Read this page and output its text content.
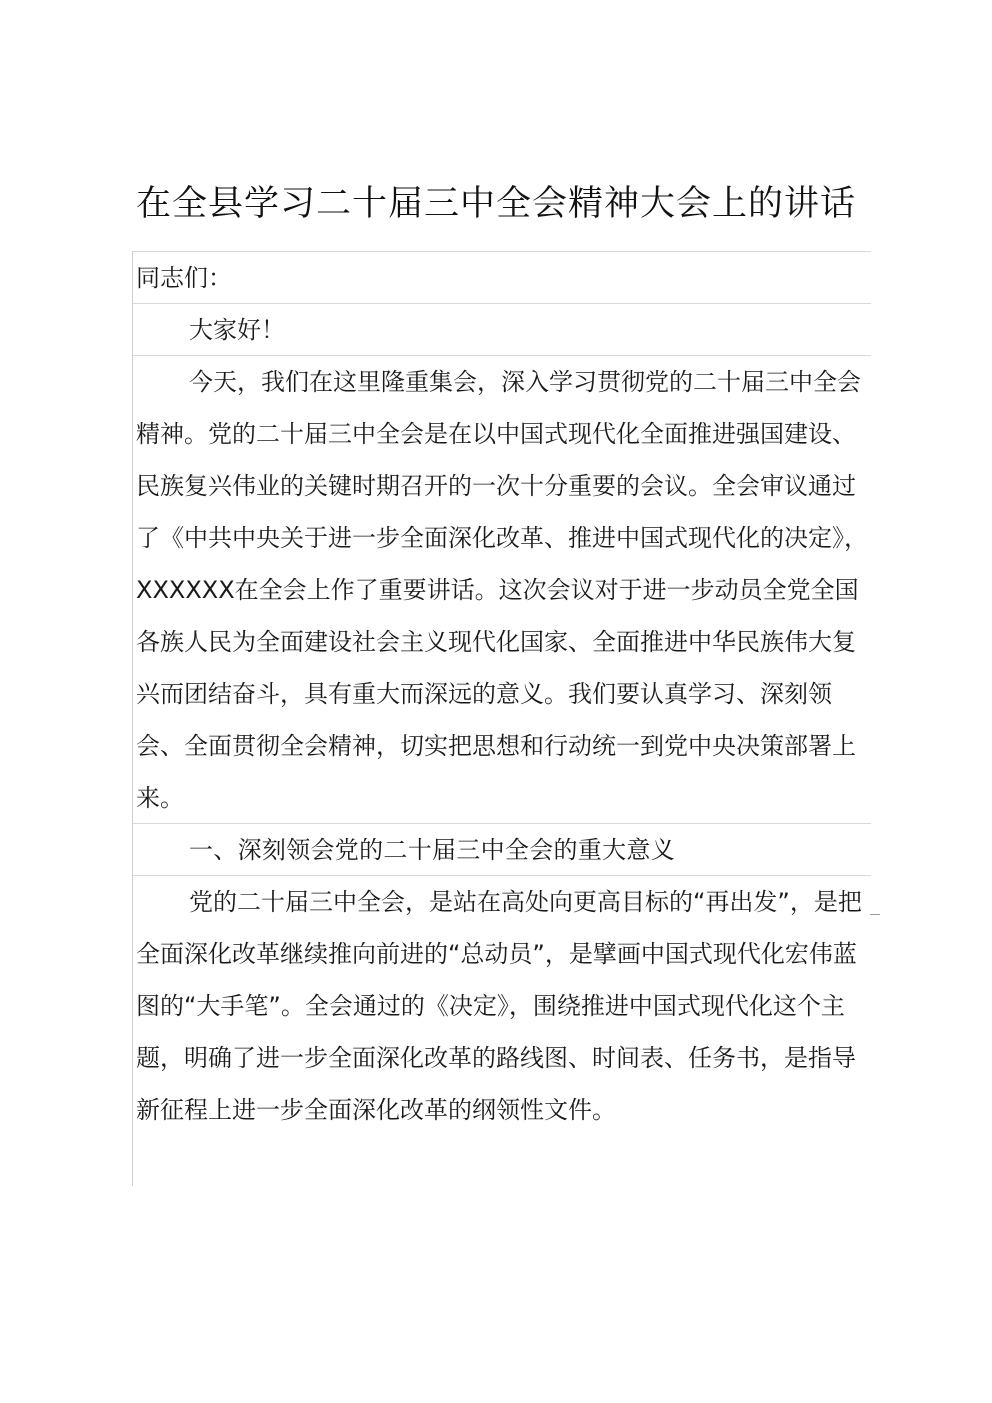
在全县学习二十届三中全会精神大会上的讲话

同志们：

大家好！

今天，我们在这里隆重集会，深入学习贯彻党的二十届三中全会精神。党的二十届三中全会是在以中国式现代化全面推进强国建设、民族复兴伟业的关键时期召开的一次十分重要的会议。全会审议通过了《中共中央关于进一步全面深化改革、推进中国式现代化的决定》，XXXXXX在全会上作了重要讲话。这次会议对于进一步动员全党全国各族人民为全面建设社会主义现代化国家、全面推进中华民族伟大复兴而团结奋斗，具有重大而深远的意义。我们要认真学习、深刻领会、全面贯彻全会精神，切实把思想和行动统一到党中央决策部署上来。

一、深刻领会党的二十届三中全会的重大意义

党的二十届三中全会，是站在高处向更高目标的“再出发”，是把全面深化改革继续推向前进的“总动员”，是擘画中国式现代化宏伟蓝图的“大手笔”。全会通过的《决定》，围绕推进中国式现代化这个主题，明确了进一步全面深化改革的路线图、时间表、任务书，是指导新征程上进一步全面深化改革的纲领性文件。
